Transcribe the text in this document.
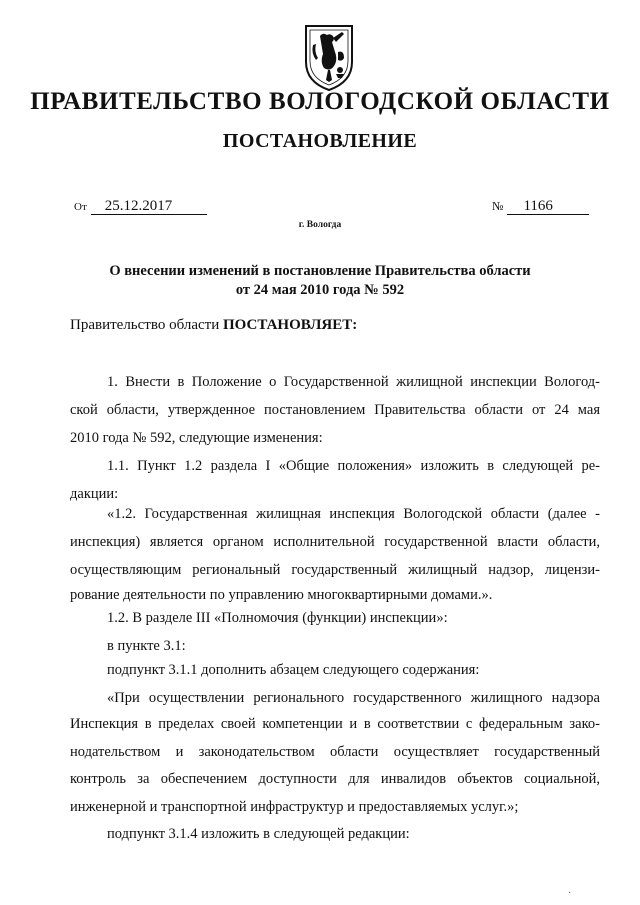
ПРАВИТЕЛЬСТВО ВОЛОГОДСКОЙ ОБЛАСТИ
ПОСТАНОВЛЕНИЕ
От 25.12.2017	№ 1166
г. Вологда
О внесении изменений в постановление Правительства области
от 24 мая 2010 года № 592
Правительство области ПОСТАНОВЛЯЕТ:
1. Внести в Положение о Государственной жилищной инспекции Вологод-
ской области, утвержденное постановлением Правительства области от 24 мая
2010 года № 592, следующие изменения:
1.1. Пункт 1.2 раздела I «Общие положения» изложить в следующей ре-
дакции:
«1.2. Государственная жилищная инспекция Вологодской области (далее -
инспекция) является органом исполнительной государственной власти области,
осуществляющим региональный государственный жилищный надзор, лицензи-
рование деятельности по управлению многоквартирными домами.».
1.2. В разделе III «Полномочия (функции) инспекции»:
в пункте 3.1:
подпункт 3.1.1 дополнить абзацем следующего содержания:
«При осуществлении регионального государственного жилищного надзора
Инспекция в пределах своей компетенции и в соответствии с федеральным зако-
нодательством и законодательством области осуществляет государственный
контроль за обеспечением доступности для инвалидов объектов социальной,
инженерной и транспортной инфраструктур и предоставляемых услуг.»;
подпункт 3.1.4 изложить в следующей редакции:
·
